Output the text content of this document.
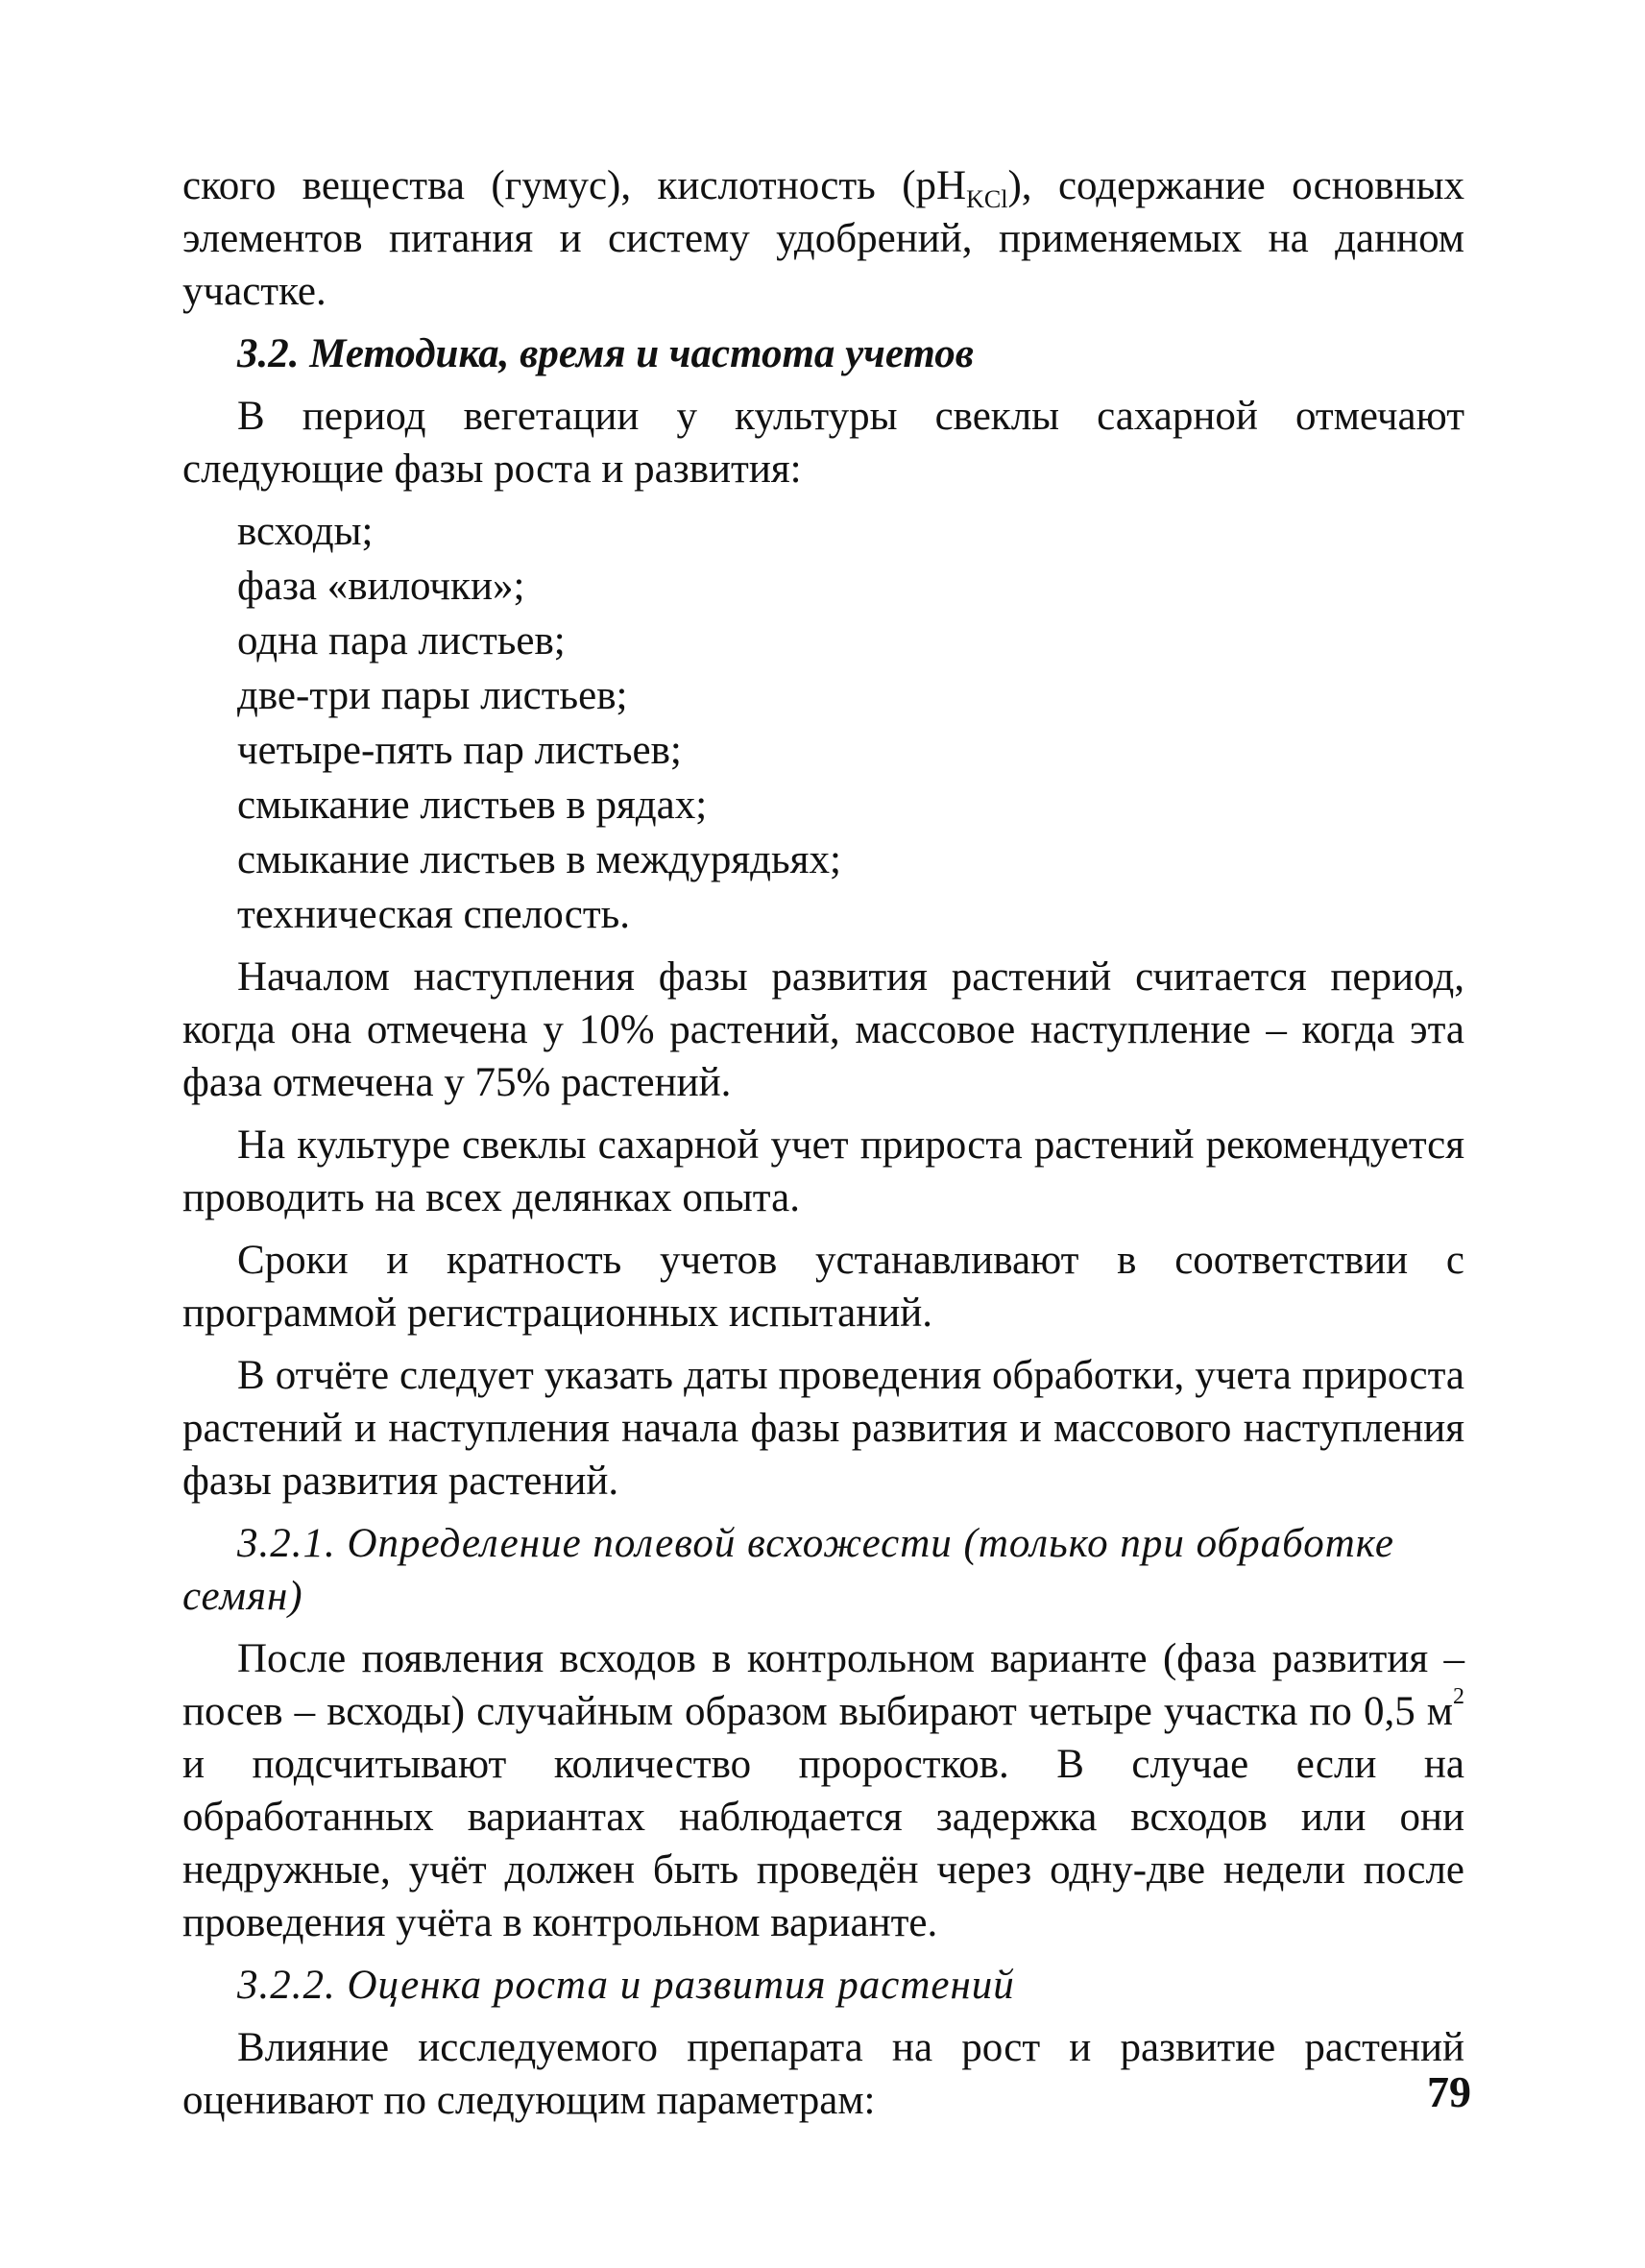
ского вещества (гумус), кислотность $(pH_{KCl})$, содержание основных элементов питания и систему удобрений, применяемых на данном участке.

3.2. Методика, время и частота учетов

В период вегетации у культуры свеклы сахарной отмечают следующие фазы роста и развития:

всходы;
фаза «вилочки»;
одна пара листьев;
две-три пары листьев;
четыре-пять пар листьев;
смыкание листьев в рядах;
смыкание листьев в междурядьях;
техническая спелость.

Началом наступления фазы развития растений считается период, когда она отмечена у 10% растений, массовое наступление – когда эта фаза отмечена у 75% растений.

На культуре свеклы сахарной учет прироста растений рекомендуется проводить на всех делянках опыта.

Сроки и кратность учетов устанавливают в соответствии с программой регистрационных испытаний.

В отчёте следует указать даты проведения обработки, учета прироста растений и наступления начала фазы развития и массового наступления фазы развития растений.

3.2.1. Определение полевой всхожести (только при обработке семян)

После появления всходов в контрольном варианте (фаза развития – посев – всходы) случайным образом выбирают четыре участка по 0,5 $м^2$ и подсчитывают количество проростков. В случае если на обработанных вариантах наблюдается задержка всходов или они недружные, учёт должен быть проведён через одну-две недели после проведения учёта в контрольном варианте.

3.2.2. Оценка роста и развития растений

Влияние исследуемого препарата на рост и развитие растений оценивают по следующим параметрам:	79
